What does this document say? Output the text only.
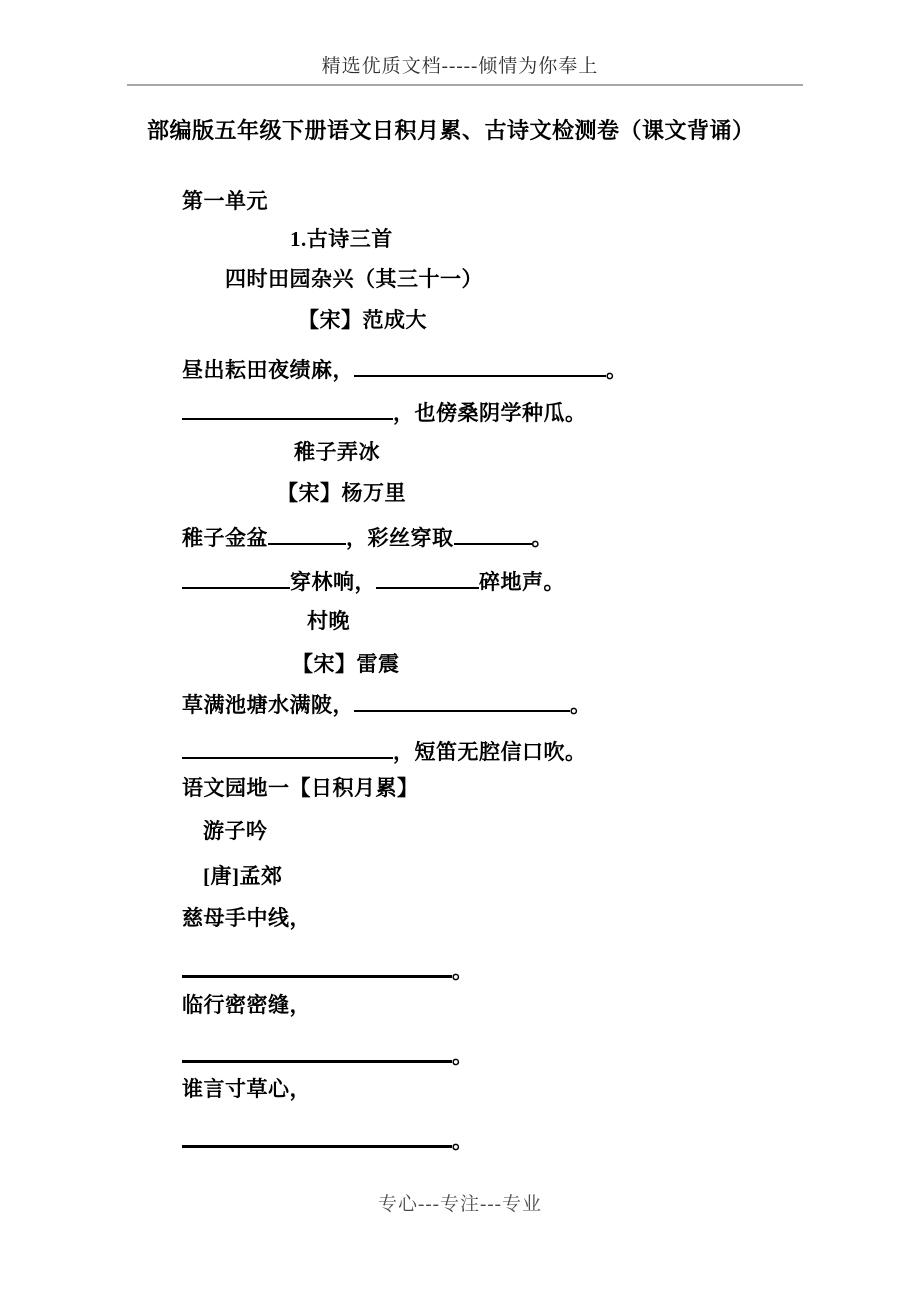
精选优质文档-----倾情为你奉上
部编版五年级下册语文日积月累、古诗文检测卷（课文背诵）
第一单元
1.古诗三首
四时田园杂兴（其三十一）
【宋】范成大
昼出耘田夜绩麻，	。
，也傍桑阴学种瓜。
稚子弄冰
【宋】杨万里
稚子金盆	，彩丝穿取	。
穿林响，	碎地声。
村晚
【宋】雷震
草满池塘水满陂，	。
，短笛无腔信口吹。
语文园地一【日积月累】
游子吟
[唐]孟郊
慈母手中线，
。
临行密密缝，
。
谁言寸草心，
。
专心---专注---专业
